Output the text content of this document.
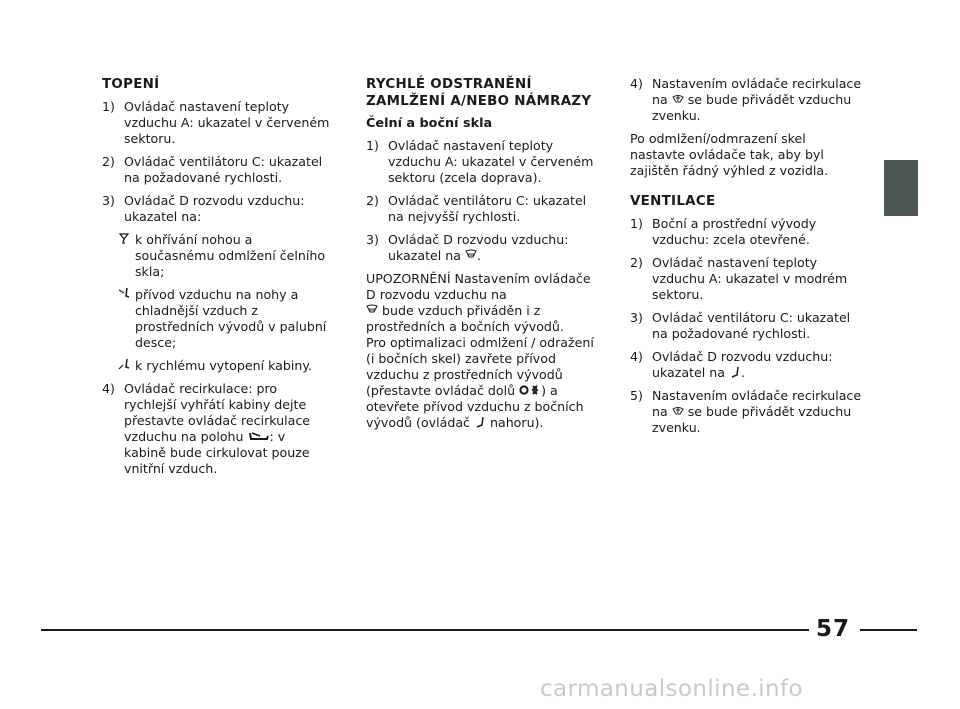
TOPENÍ
1) Ovládač nastavení teploty vzduchu A: ukazatel v červeném sektoru.
2) Ovládač ventilátoru C: ukazatel na požadované rychlosti.
3) Ovládač D rozvodu vzduchu: ukazatel na:
k ohřívání nohou a současnému odmlžení čelního skla;
přívod vzduchu na nohy a chladnější vzduch z prostředních vývodů v palubní desce;
k rychlému vytopení kabiny.
4) Ovládač recirkulace: pro rychlejší vyhřátí kabiny dejte přestavte ovládač recirkulace vzduchu na polohu : v kabině bude cirkulovat pouze vnitřní vzduch.
RYCHLÉ ODSTRANĚNÍ ZAMLŽENÍ A/NEBO NÁMRAZY
Čelní a boční skla
1) Ovládač nastavení teploty vzduchu A: ukazatel v červeném sektoru (zcela doprava).
2) Ovládač ventilátoru C: ukazatel na nejvyšší rychlosti.
3) Ovládač D rozvodu vzduchu: ukazatel na .

UPOZORNĚNÍ Nastavením ovládače D rozvodu vzduchu na

bude vzduch přiváděn i z prostředních a bočních vývodů.
Pro optimalizaci odmlžení / odražení (i bočních skel) zavřete přívod vzduchu z prostředních vývodů (přestavte ovládač dolů ) a otevřete přívod vzduchu z bočních vývodů (ovládač nahoru).

4) Nastavením ovládače recirkulace na se bude přivádět vzduchu zvenku.

Po odmlžení/odmrazení skel nastavte ovládače tak, aby byl zajištěn řádný výhled z vozidla.

VENTILACE
1) Boční a prostřední vývody vzduchu: zcela otevřené.
2) Ovládač nastavení teploty vzduchu A: ukazatel v modrém sektoru.
3) Ovládač ventilátoru C: ukazatel na požadované rychlosti.
4) Ovládač D rozvodu vzduchu: ukazatel na .
5) Nastavením ovládače recirkulace na se bude přivádět vzduchu zvenku.
57
carmanualsonline.info
